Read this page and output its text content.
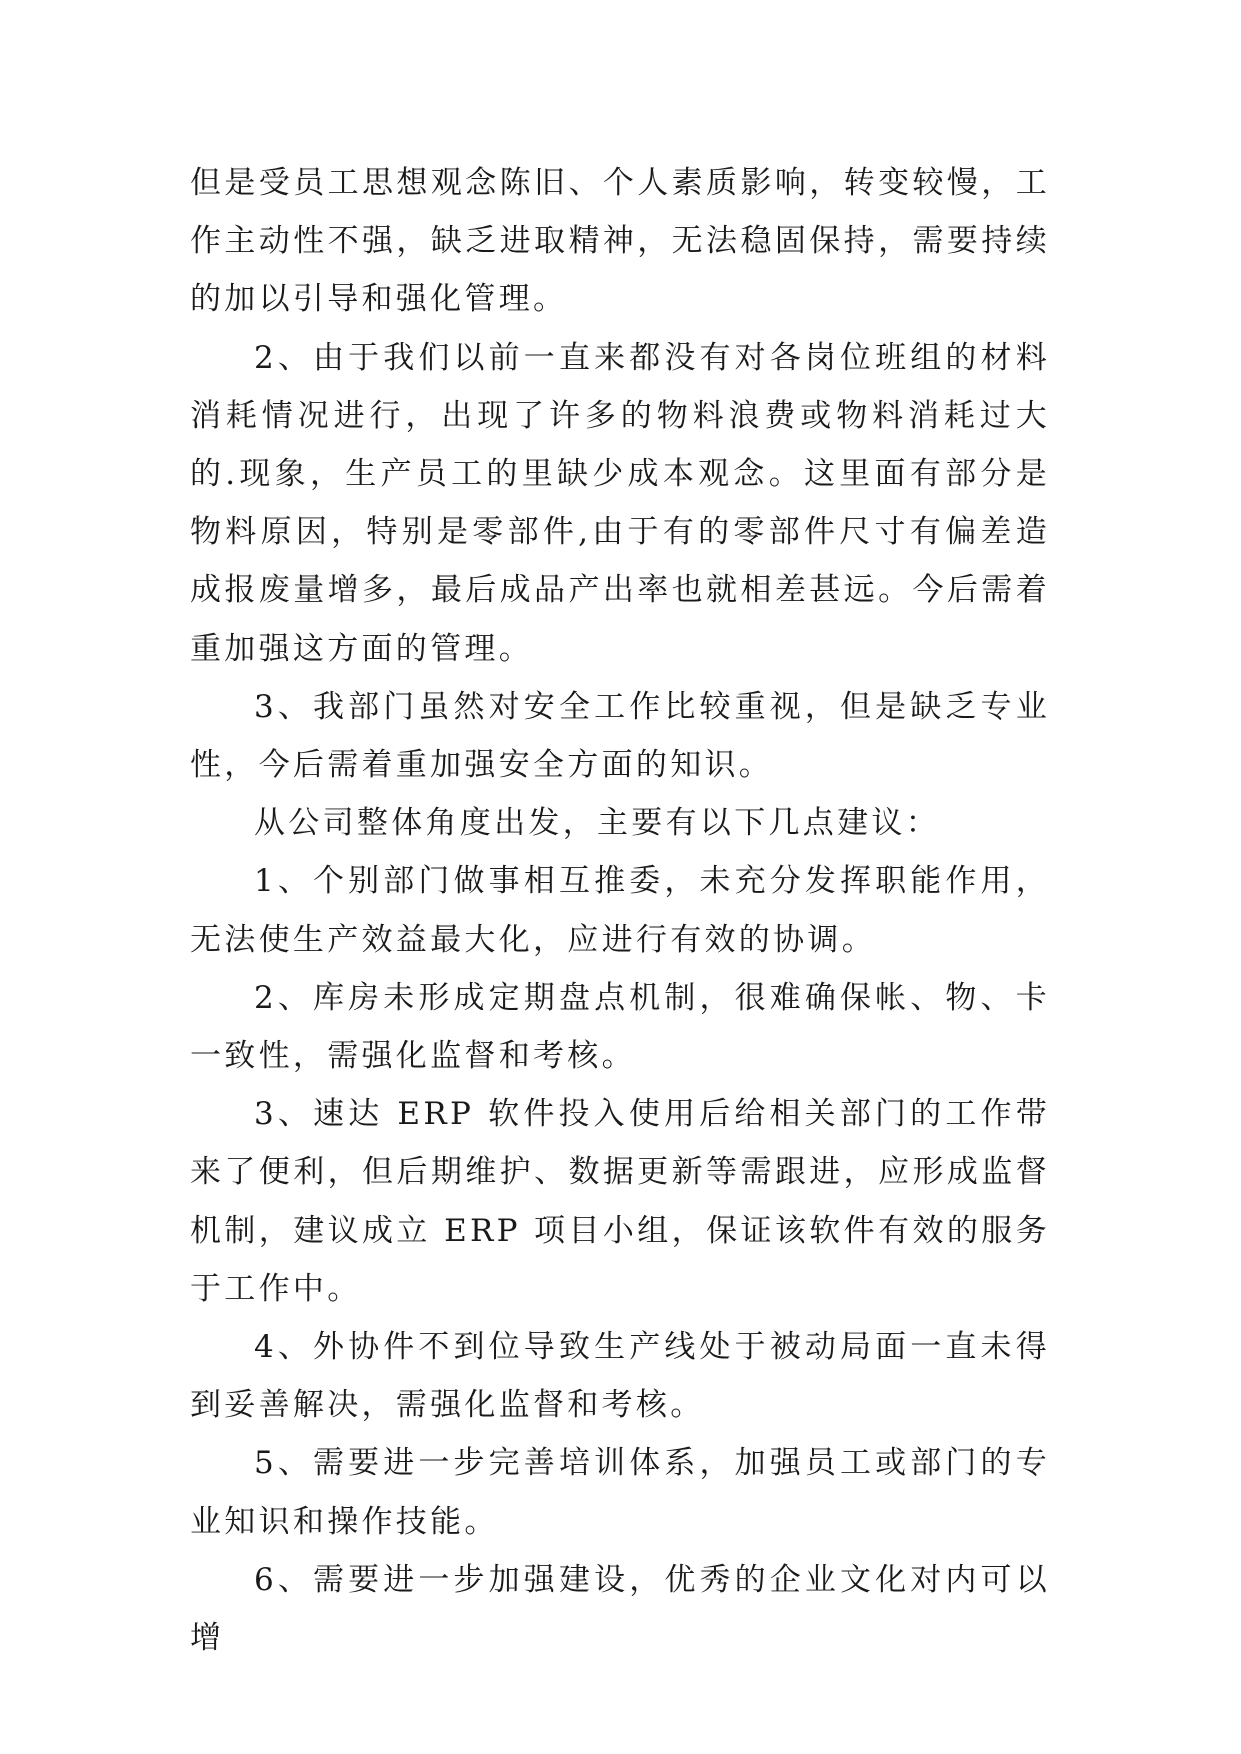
但是受员工思想观念陈旧、个人素质影响，转变较慢，工作主动性不强，缺乏进取精神，无法稳固保持，需要持续的加以引导和强化管理。

2、由于我们以前一直来都没有对各岗位班组的材料消耗情况进行，出现了许多的物料浪费或物料消耗过大的.现象，生产员工的里缺少成本观念。这里面有部分是物料原因，特别是零部件,由于有的零部件尺寸有偏差造成报废量增多，最后成品产出率也就相差甚远。今后需着重加强这方面的管理。

3、我部门虽然对安全工作比较重视，但是缺乏专业性，今后需着重加强安全方面的知识。

从公司整体角度出发，主要有以下几点建议：

1、个别部门做事相互推委，未充分发挥职能作用，无法使生产效益最大化，应进行有效的协调。

2、库房未形成定期盘点机制，很难确保帐、物、卡一致性，需强化监督和考核。

3、速达 ERP 软件投入使用后给相关部门的工作带来了便利，但后期维护、数据更新等需跟进，应形成监督机制，建议成立 ERP 项目小组，保证该软件有效的服务于工作中。

4、外协件不到位导致生产线处于被动局面一直未得到妥善解决，需强化监督和考核。

5、需要进一步完善培训体系，加强员工或部门的专业知识和操作技能。

6、需要进一步加强建设，优秀的企业文化对内可以增
